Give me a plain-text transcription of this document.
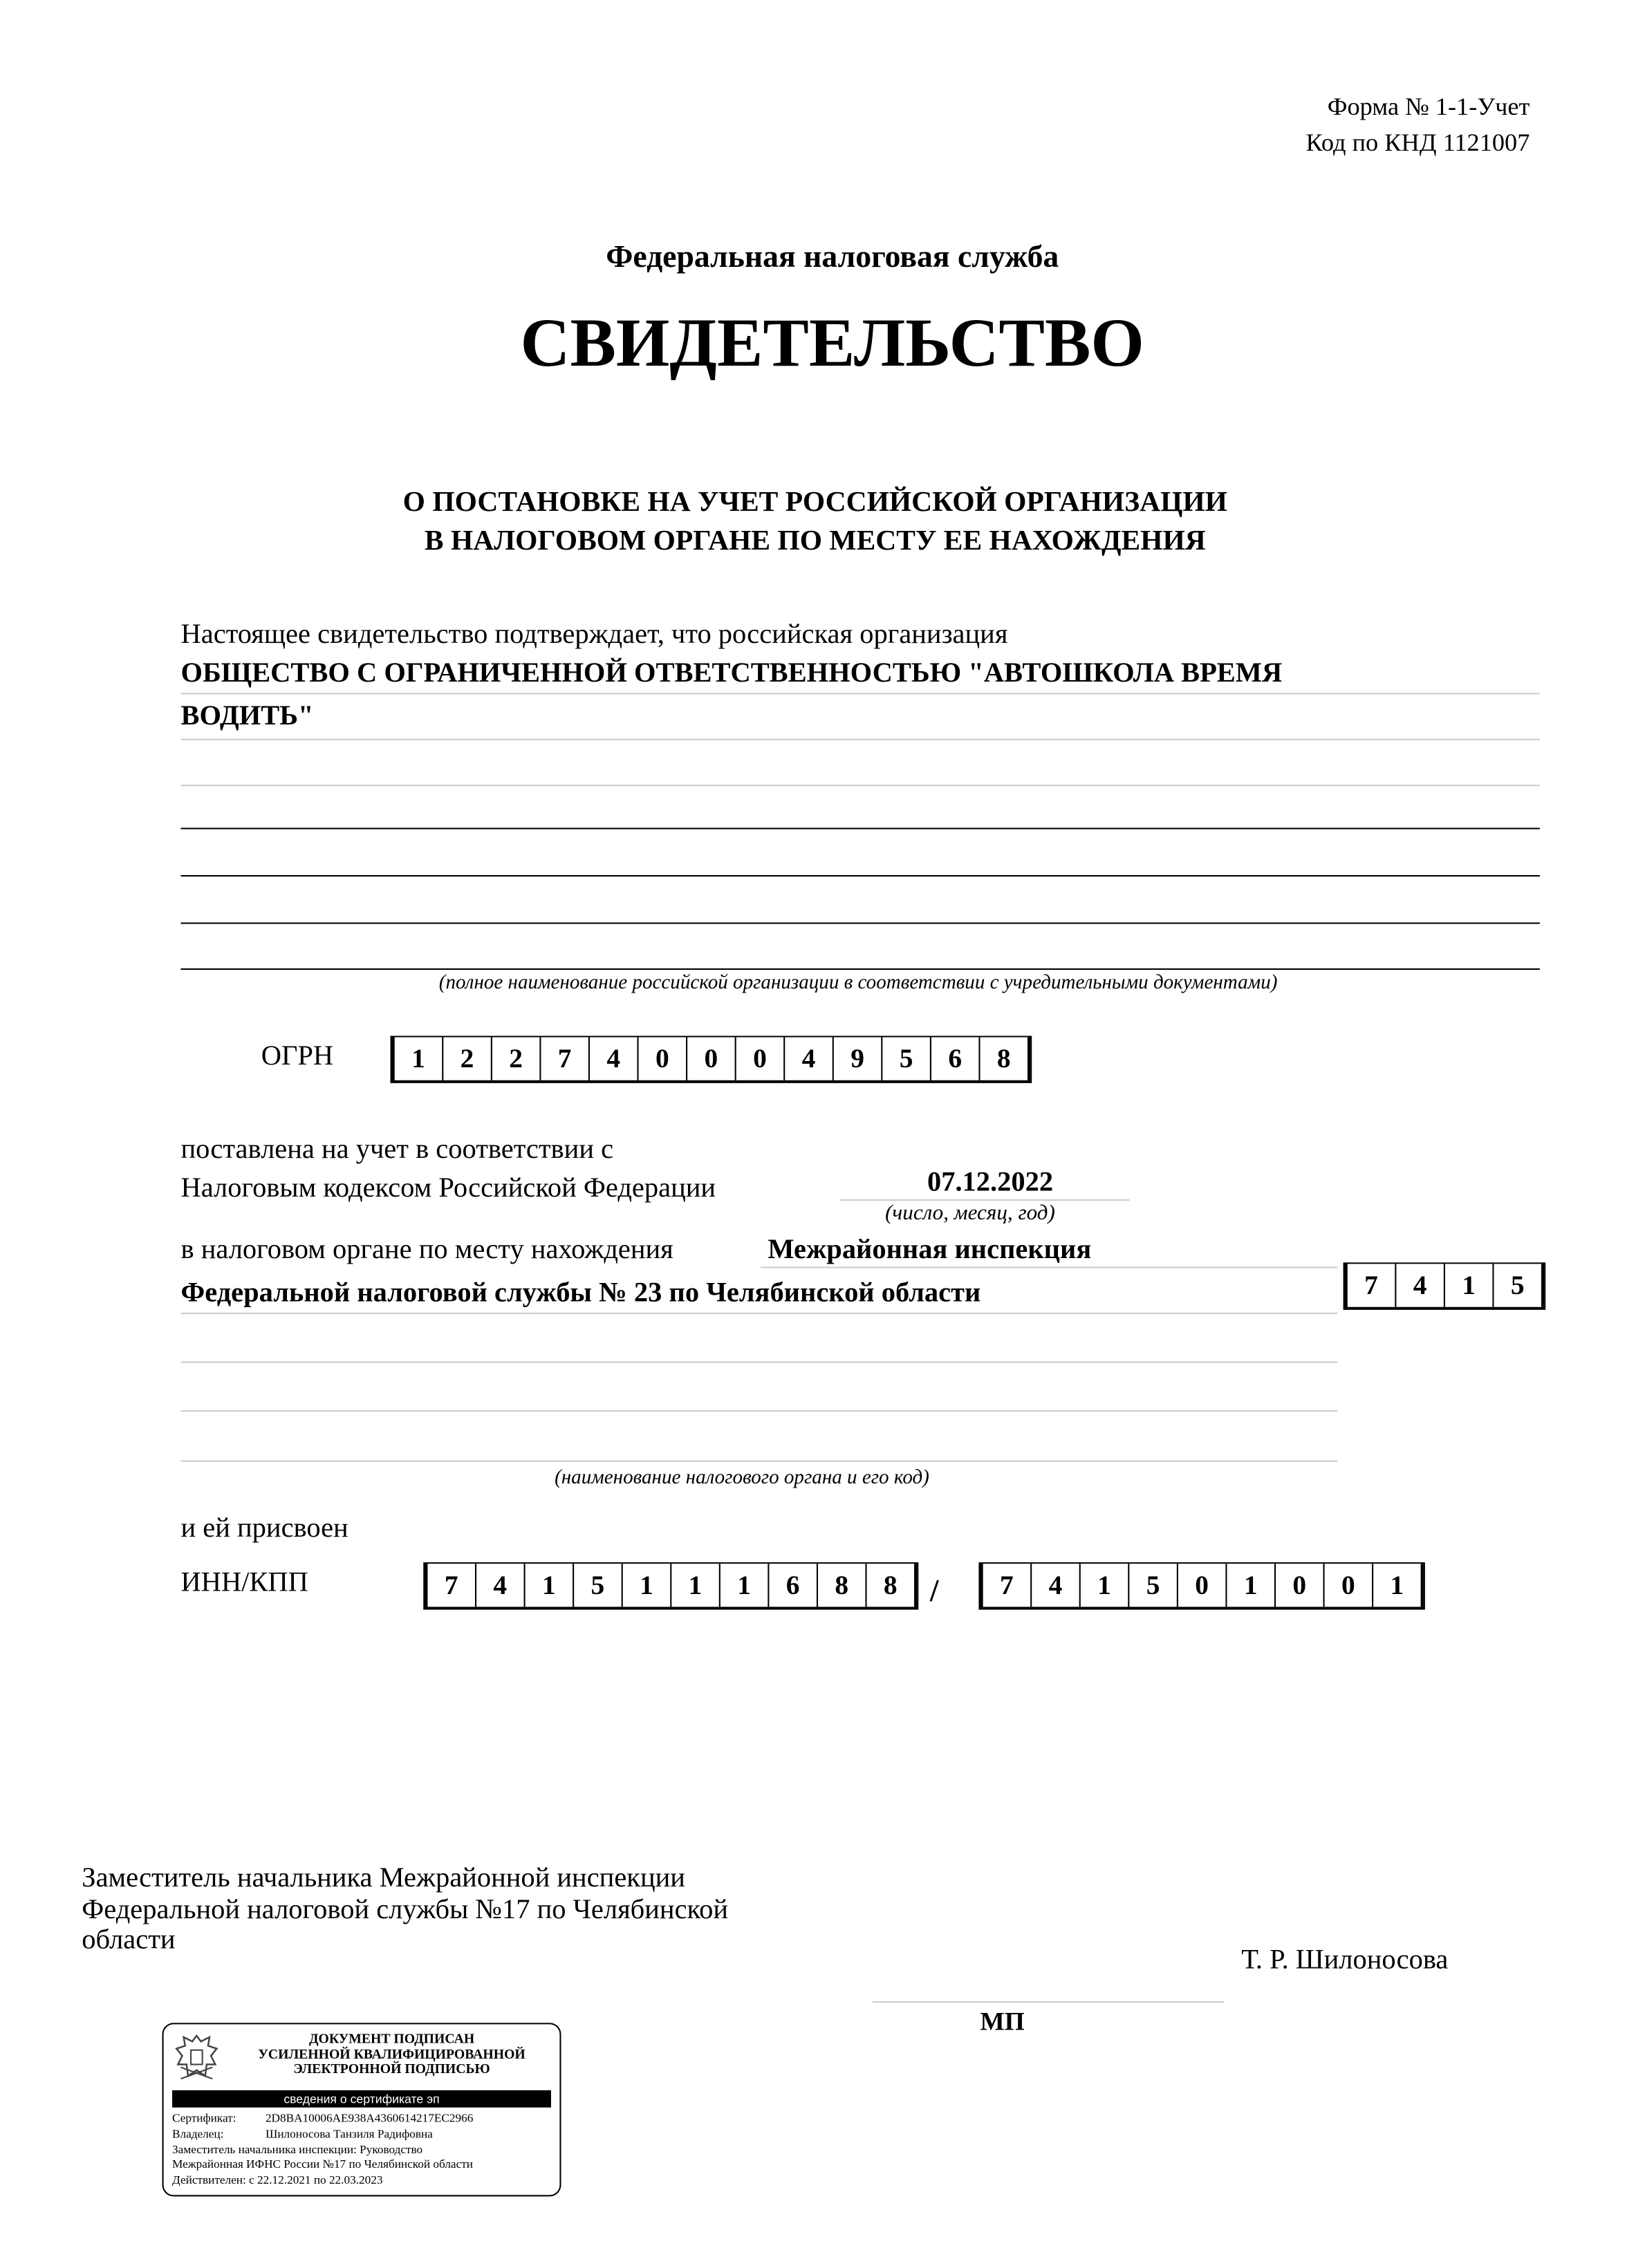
Форма № 1-1-Учет
Код по КНД 1121007
Федеральная налоговая служба
СВИДЕТЕЛЬСТВО
О ПОСТАНОВКЕ НА УЧЕТ РОССИЙСКОЙ ОРГАНИЗАЦИИ
В НАЛОГОВОМ ОРГАНЕ ПО МЕСТУ ЕЕ НАХОЖДЕНИЯ
Настоящее свидетельство подтверждает, что российская организация
ОБЩЕСТВО С ОГРАНИЧЕННОЙ ОТВЕТСТВЕННОСТЬЮ "АВТОШКОЛА ВРЕМЯ
ВОДИТЬ"
(полное наименование российской организации в соответствии с учредительными документами)
ОГРН	1	2	2	7	4	0	0	0	4	9	5	6	8
поставлена на учет в соответствии с
Налоговым кодексом Российской Федерации	07.12.2022
(число, месяц, год)
в налоговом органе по месту нахождения	Межрайонная инспекция
Федеральной налоговой службы № 23 по Челябинской области	7	4	1	5
(наименование налогового органа и его код)
и ей присвоен
ИНН/КПП	7	4	1	5	1	1	1	6	8	8	/	7	4	1	5	0	1	0	0	1
Заместитель начальника Межрайонной инспекции
Федеральной налоговой службы №17 по Челябинской
области
Т. Р. Шилоносова
МП
ДОКУМЕНТ ПОДПИСАН
УСИЛЕННОЙ КВАЛИФИЦИРОВАННОЙ
ЭЛЕКТРОННОЙ ПОДПИСЬЮ
сведения о сертификате эп
Сертификат:	2D8BA10006AE938A4360614217EC2966
Владелец:	Шилоносова Танзиля Радифовна
Заместитель начальника инспекции: Руководство
Межрайонная ИФНС России №17 по Челябинской области
Действителен: с 22.12.2021 по 22.03.2023
